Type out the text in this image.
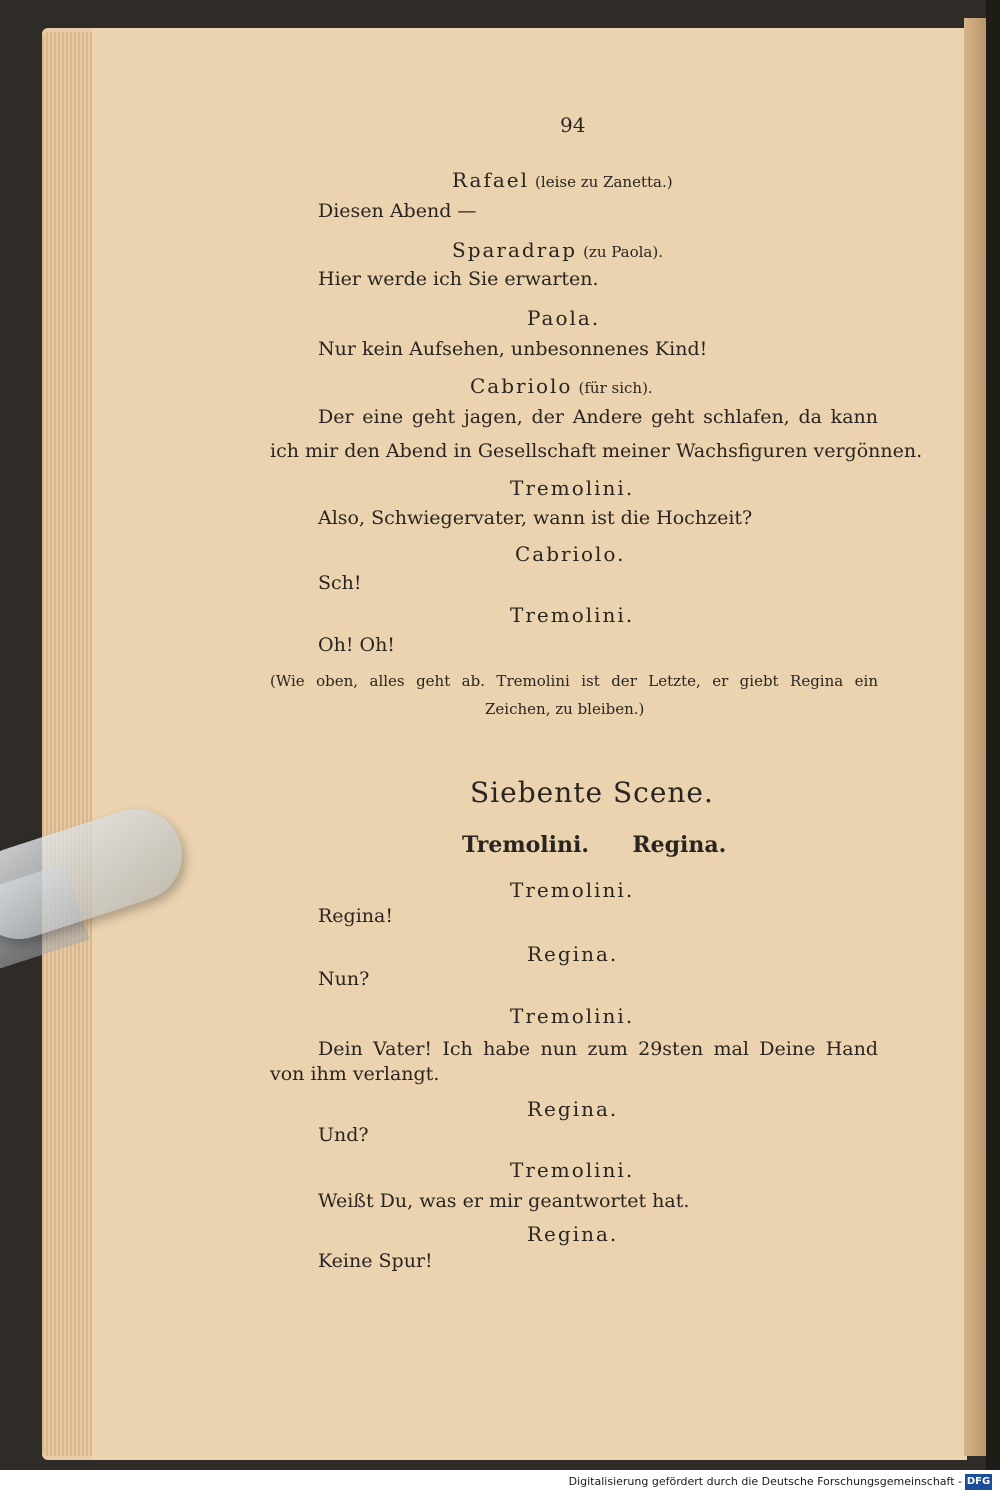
94
Rafael (leise zu Zanetta.)
Diesen Abend —
Sparadrap (zu Paola).
Hier werde ich Sie erwarten.
Paola.
Nur kein Aufsehen, unbesonnenes Kind!
Cabriolo (für sich).
Der eine geht jagen, der Andere geht schlafen, da kann
ich mir den Abend in Gesellschaft meiner Wachsfiguren vergönnen.
Tremolini.
Also, Schwiegervater, wann ist die Hochzeit?
Cabriolo.
Sch!
Tremolini.
Oh! Oh!
(Wie oben, alles geht ab. Tremolini ist der Letzte, er giebt Regina ein
Zeichen, zu bleiben.)
Siebente Scene.
Tremolini. Regina.
Tremolini.
Regina!
Regina.
Nun?
Tremolini.
Dein Vater! Ich habe nun zum 29sten mal Deine Hand
von ihm verlangt.
Regina.
Und?
Tremolini.
Weißt Du, was er mir geantwortet hat.
Regina.
Keine Spur!
Digitalisierung gefördert durch die Deutsche Forschungsgemeinschaft - DFG
